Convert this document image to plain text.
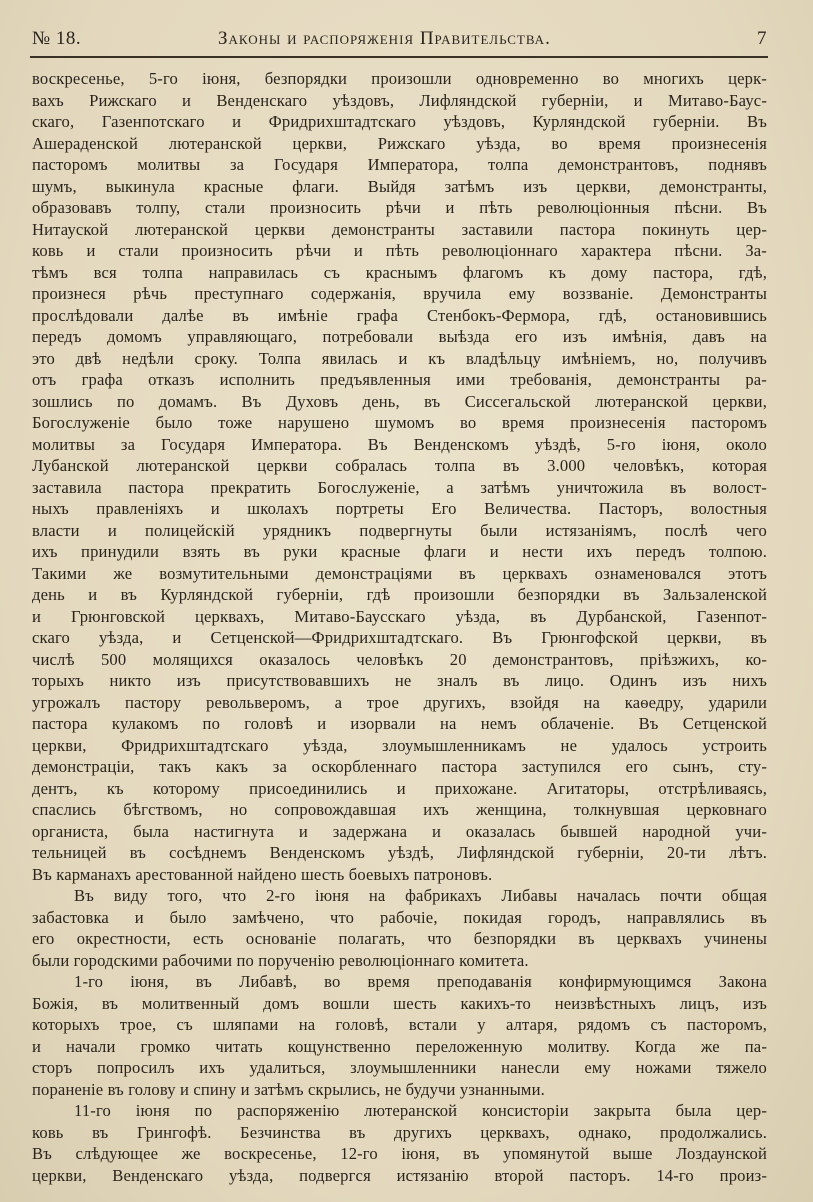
№ 18.	Законы и распоряженія Правительства.	7
воскресенье, 5-го іюня, безпорядки произошли одновременно во многихъ церк-
вахъ Рижскаго и Венденскаго уѣздовъ, Лифляндской губерніи, и Митаво-Баус-
скаго, Газенпотскаго и Фридрихштадтскаго уѣздовъ, Курляндской губерніи. Въ
Ашераденской лютеранской церкви, Рижскаго уѣзда, во время произнесенія
пасторомъ молитвы за Государя Императора, толпа демонстрантовъ, поднявъ
шумъ, выкинула красные флаги. Выйдя затѣмъ изъ церкви, демонстранты,
образовавъ толпу, стали произносить рѣчи и пѣть революціонныя пѣсни. Въ
Нитауской лютеранской церкви демонстранты заставили пастора покинуть цер-
ковь и стали произносить рѣчи и пѣть революціоннаго характера пѣсни. За-
тѣмъ вся толпа направилась съ краснымъ флагомъ къ дому пастора, гдѣ,
произнеся рѣчь преступнаго содержанія, вручила ему воззваніе. Демонстранты
прослѣдовали далѣе въ имѣніе графа Стенбокъ-Фермора, гдѣ, остановившись
передъ домомъ управляющаго, потребовали выѣзда его изъ имѣнія, давъ на
это двѣ недѣли сроку. Толпа явилась и къ владѣльцу имѣніемъ, но, получивъ
отъ графа отказъ исполнить предъявленныя ими требованія, демонстранты ра-
зошлись по домамъ. Въ Духовъ день, въ Сиссегальской лютеранской церкви,
Богослуженіе было тоже нарушено шумомъ во время произнесенія пасторомъ
молитвы за Государя Императора. Въ Венденскомъ уѣздѣ, 5-го іюня, около
Лубанской лютеранской церкви собралась толпа въ 3.000 человѣкъ, которая
заставила пастора прекратить Богослуженіе, а затѣмъ уничтожила въ волост-
ныхъ правленіяхъ и школахъ портреты Его Величества. Пасторъ, волостныя
власти и полицейскій урядникъ подвергнуты были истязаніямъ, послѣ чего
ихъ принудили взять въ руки красные флаги и нести ихъ передъ толпою.
Такими же возмутительными демонстраціями въ церквахъ ознаменовался этотъ
день и въ Курляндской губерніи, гдѣ произошли безпорядки въ Зальзаленской
и Грюнговской церквахъ, Митаво-Баусскаго уѣзда, въ Дурбанской, Газенпот-
скаго уѣзда, и Сетценской—Фридрихштадтскаго. Въ Грюнгофской церкви, въ
числѣ 500 молящихся оказалось человѣкъ 20 демонстрантовъ, пріѣзжихъ, ко-
торыхъ никто изъ присутствовавшихъ не зналъ въ лицо. Одинъ изъ нихъ
угрожалъ пастору револьверомъ, а трое другихъ, взойдя на каѳедру, ударили
пастора кулакомъ по головѣ и изорвали на немъ облаченіе. Въ Сетценской
церкви, Фридрихштадтскаго уѣзда, злоумышленникамъ не удалось устроить
демонстраціи, такъ какъ за оскорбленнаго пастора заступился его сынъ, сту-
дентъ, къ которому присоединились и прихожане. Агитаторы, отстрѣливаясь,
спаслись бѣгствомъ, но сопровождавшая ихъ женщина, толкнувшая церковнаго
органиста, была настигнута и задержана и оказалась бывшей народной учи-
тельницей въ сосѣднемъ Венденскомъ уѣздѣ, Лифляндской губерніи, 20-ти лѣтъ.
Въ карманахъ арестованной найдено шесть боевыхъ патроновъ.
Въ виду того, что 2-го іюня на фабрикахъ Либавы началась почти общая
забастовка и было замѣчено, что рабочіе, покидая городъ, направлялись въ
его окрестности, есть основаніе полагать, что безпорядки въ церквахъ учинены
были городскими рабочими по порученію революціоннаго комитета.
1-го іюня, въ Либавѣ, во время преподаванія конфирмующимся Закона
Божія, въ молитвенный домъ вошли шесть какихъ-то неизвѣстныхъ лицъ, изъ
которыхъ трое, съ шляпами на головѣ, встали у алтаря, рядомъ съ пасторомъ,
и начали громко читать кощунственно переложенную молитву. Когда же па-
сторъ попросилъ ихъ удалиться, злоумышленники нанесли ему ножами тяжело
пораненіе въ голову и спину и затѣмъ скрылись, не будучи узнанными.
11-го іюня по распоряженію лютеранской консисторіи закрыта была цер-
ковь въ Грингофѣ. Безчинства въ другихъ церквахъ, однако, продолжались.
Въ слѣдующее же воскресенье, 12-го іюня, въ упомянутой выше Лоздаунской
церкви, Венденскаго уѣзда, подвергся истязанію второй пасторъ. 14-го произ-
